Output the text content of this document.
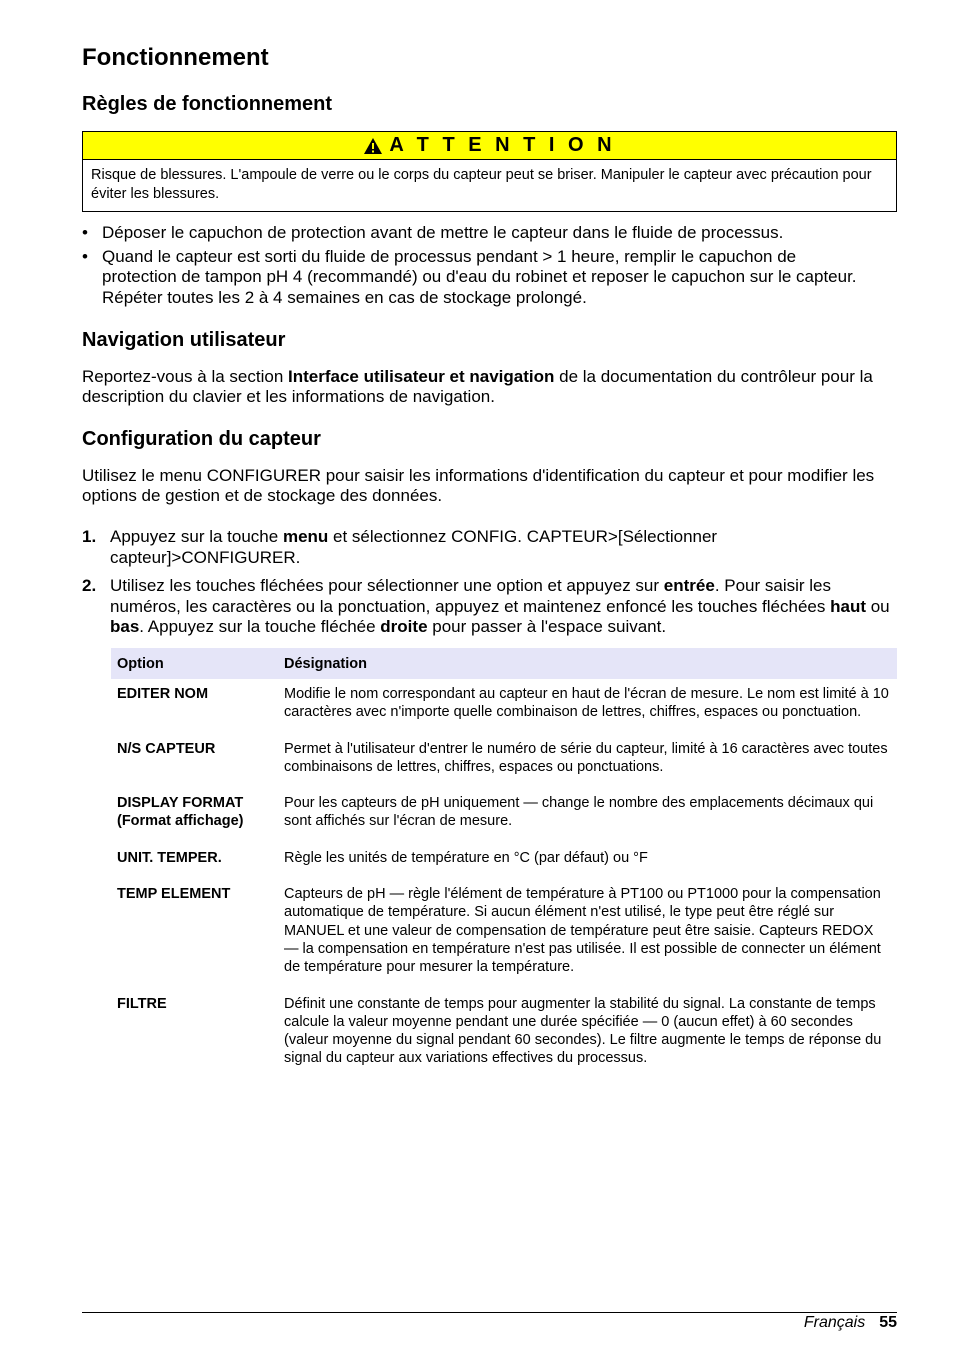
Fonctionnement
Règles de fonctionnement
A T T E N T I O N
Risque de blessures. L'ampoule de verre ou le corps du capteur peut se briser. Manipuler le capteur avec précaution pour éviter les blessures.
• Déposer le capuchon de protection avant de mettre le capteur dans le fluide de processus.
• Quand le capteur est sorti du fluide de processus pendant > 1 heure, remplir le capuchon de protection de tampon pH 4 (recommandé) ou d'eau du robinet et reposer le capuchon sur le capteur. Répéter toutes les 2 à 4 semaines en cas de stockage prolongé.
Navigation utilisateur

Reportez-vous à la section Interface utilisateur et navigation de la documentation du contrôleur pour la description du clavier et les informations de navigation.

Configuration du capteur

Utilisez le menu CONFIGURER pour saisir les informations d'identification du capteur et pour modifier les options de gestion et de stockage des données.

1. Appuyez sur la touche menu et sélectionnez CONFIG. CAPTEUR>[Sélectionner capteur]>CONFIGURER.
2. Utilisez les touches fléchées pour sélectionner une option et appuyez sur entrée. Pour saisir les numéros, les caractères ou la ponctuation, appuyez et maintenez enfoncé les touches fléchées haut ou bas. Appuyez sur la touche fléchée droite pour passer à l'espace suivant.
Option	Désignation
EDITER NOM	Modifie le nom correspondant au capteur en haut de l'écran de mesure. Le nom est limité à 10 caractères avec n'importe quelle combinaison de lettres, chiffres, espaces ou ponctuation.
N/S CAPTEUR	Permet à l'utilisateur d'entrer le numéro de série du capteur, limité à 16 caractères avec toutes combinaisons de lettres, chiffres, espaces ou ponctuations.
DISPLAY FORMAT (Format affichage)	Pour les capteurs de pH uniquement — change le nombre des emplacements décimaux qui sont affichés sur l'écran de mesure.
UNIT. TEMPER.	Règle les unités de température en °C (par défaut) ou °F
TEMP ELEMENT	Capteurs de pH — règle l'élément de température à PT100 ou PT1000 pour la compensation automatique de température. Si aucun élément n'est utilisé, le type peut être réglé sur MANUEL et une valeur de compensation de température peut être saisie. Capteurs REDOX — la compensation en température n'est pas utilisée. Il est possible de connecter un élément de température pour mesurer la température.
FILTRE	Définit une constante de temps pour augmenter la stabilité du signal. La constante de temps calcule la valeur moyenne pendant une durée spécifiée — 0 (aucun effet) à 60 secondes (valeur moyenne du signal pendant 60 secondes). Le filtre augmente le temps de réponse du signal du capteur aux variations effectives du processus.
Français 55
